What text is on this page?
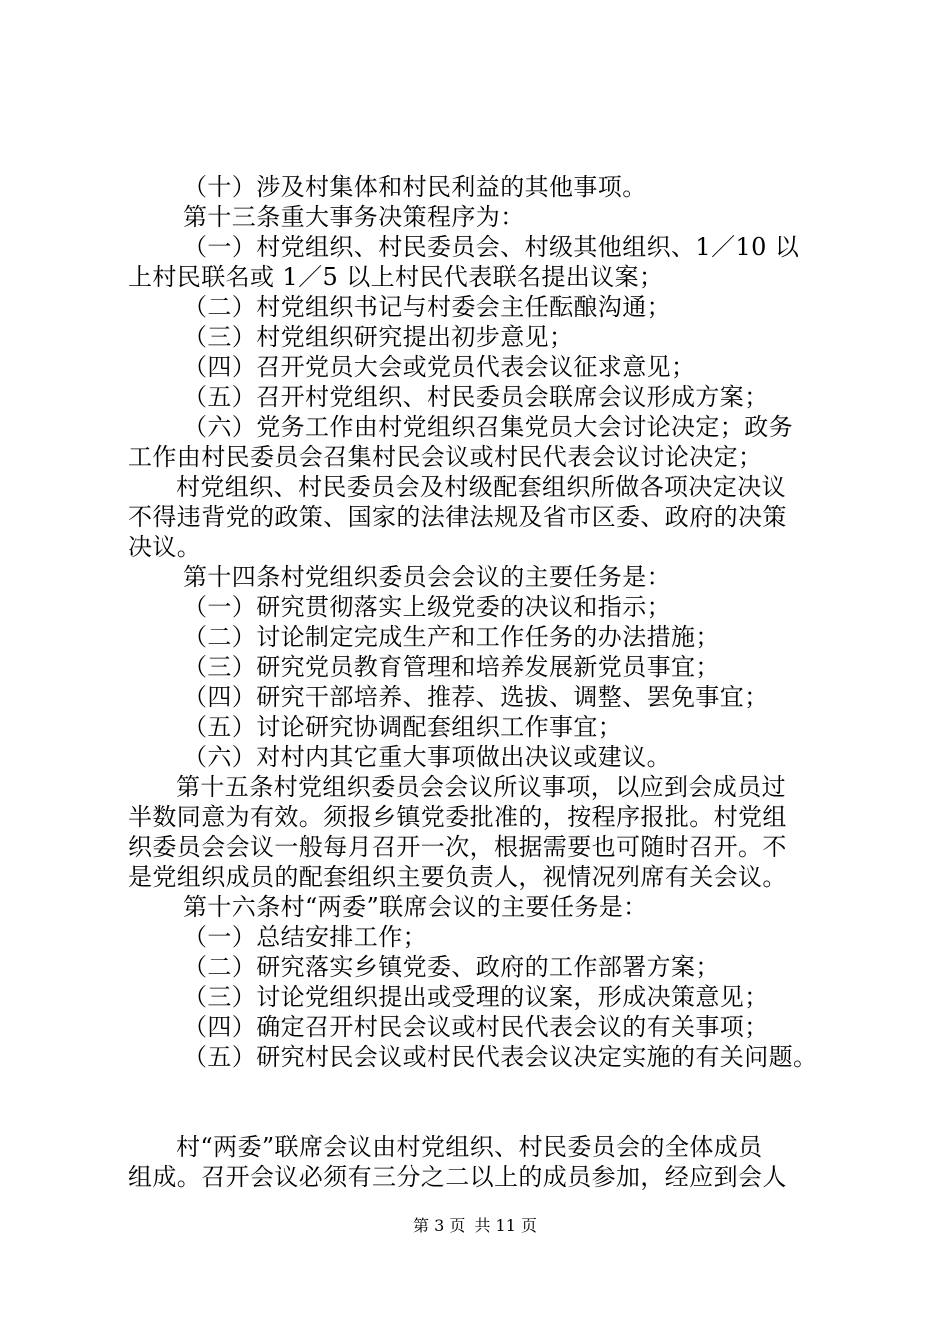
（十）涉及村集体和村民利益的其他事项。
第十三条重大事务决策程序为：
（一）村党组织、村民委员会、村级其他组织、1／10 以
上村民联名或 1／5 以上村民代表联名提出议案；
（二）村党组织书记与村委会主任酝酿沟通；
（三）村党组织研究提出初步意见；
（四）召开党员大会或党员代表会议征求意见；
（五）召开村党组织、村民委员会联席会议形成方案；
（六）党务工作由村党组织召集党员大会讨论决定；政务
工作由村民委员会召集村民会议或村民代表会议讨论决定；
村党组织、村民委员会及村级配套组织所做各项决定决议
不得违背党的政策、国家的法律法规及省市区委、政府的决策
决议。
第十四条村党组织委员会会议的主要任务是：
（一）研究贯彻落实上级党委的决议和指示；
（二）讨论制定完成生产和工作任务的办法措施；
（三）研究党员教育管理和培养发展新党员事宜；
（四）研究干部培养、推荐、选拔、调整、罢免事宜；
（五）讨论研究协调配套组织工作事宜；
（六）对村内其它重大事项做出决议或建议。
第十五条村党组织委员会会议所议事项，以应到会成员过
半数同意为有效。须报乡镇党委批准的，按程序报批。村党组
织委员会会议一般每月召开一次，根据需要也可随时召开。不
是党组织成员的配套组织主要负责人，视情况列席有关会议。
第十六条村“两委”联席会议的主要任务是：
（一）总结安排工作；
（二）研究落实乡镇党委、政府的工作部署方案；
（三）讨论党组织提出或受理的议案，形成决策意见；
（四）确定召开村民会议或村民代表会议的有关事项；
（五）研究村民会议或村民代表会议决定实施的有关问题。
村“两委”联席会议由村党组织、村民委员会的全体成员
组成。召开会议必须有三分之二以上的成员参加，经应到会人
第 3 页 共 11 页
